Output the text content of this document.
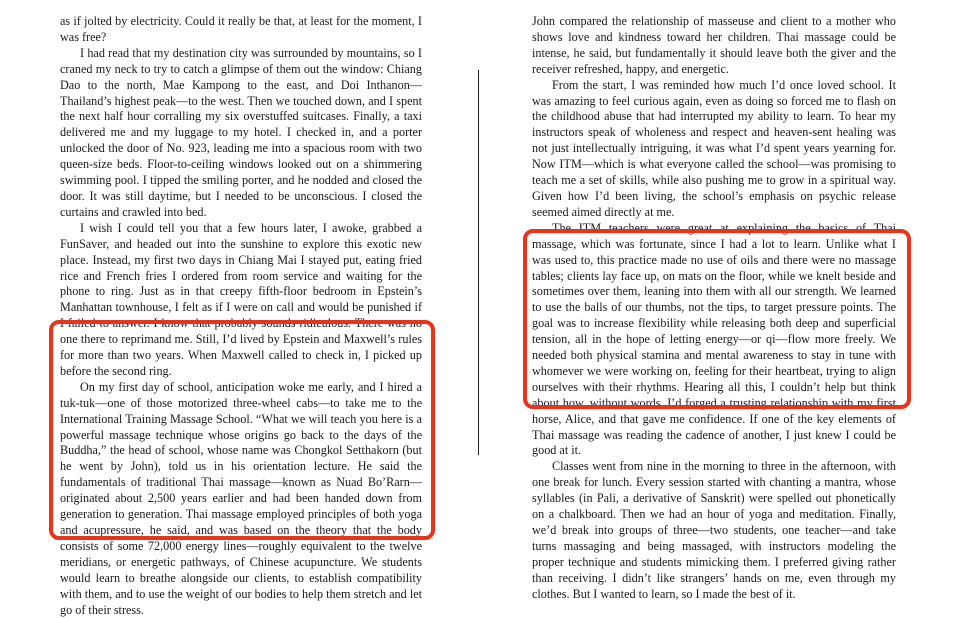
as if jolted by electricity. Could it really be that, at least for the moment, I was free?

I had read that my destination city was surrounded by mountains, so I craned my neck to try to catch a glimpse of them out the window: Chiang Dao to the north, Mae Kampong to the east, and Doi Inthanon—Thailand’s highest peak—to the west. Then we touched down, and I spent the next half hour corralling my six overstuffed suitcases. Finally, a taxi delivered me and my luggage to my hotel. I checked in, and a porter unlocked the door of No. 923, leading me into a spacious room with two queen-size beds. Floor-to-ceiling windows looked out on a shimmering swimming pool. I tipped the smiling porter, and he nodded and closed the door. It was still daytime, but I needed to be unconscious. I closed the curtains and crawled into bed.

I wish I could tell you that a few hours later, I awoke, grabbed a FunSaver, and headed out into the sunshine to explore this exotic new place. Instead, my first two days in Chiang Mai I stayed put, eating fried rice and French fries I ordered from room service and waiting for the phone to ring. Just as in that creepy fifth-floor bedroom in Epstein’s Manhattan townhouse, I felt as if I were on call and would be punished if I failed to answer. I know that probably sounds ridiculous. There was no one there to reprimand me. Still, I’d lived by Epstein and Maxwell’s rules for more than two years. When Maxwell called to check in, I picked up before the second ring.

On my first day of school, anticipation woke me early, and I hired a tuk-tuk—one of those motorized three-wheel cabs—to take me to the International Training Massage School. “What we will teach you here is a powerful massage technique whose origins go back to the days of the Buddha,” the head of school, whose name was Chongkol Setthakorn (but he went by John), told us in his orientation lecture. He said the fundamentals of traditional Thai massage—known as Nuad Bo’Rarn—originated about 2,500 years earlier and had been handed down from generation to generation. Thai massage employed principles of both yoga and acupressure, he said, and was based on the theory that the body consists of some 72,000 energy lines—roughly equivalent to the twelve meridians, or energetic pathways, of Chinese acupuncture. We students would learn to breathe alongside our clients, to establish compatibility with them, and to use the weight of our bodies to help them stretch and let go of their stress.

John compared the relationship of masseuse and client to a mother who shows love and kindness toward her children. Thai massage could be intense, he said, but fundamentally it should leave both the giver and the receiver refreshed, happy, and energetic.

From the start, I was reminded how much I’d once loved school. It was amazing to feel curious again, even as doing so forced me to flash on the childhood abuse that had interrupted my ability to learn. To hear my instructors speak of wholeness and respect and heaven-sent healing was not just intellectually intriguing, it was what I’d spent years yearning for. Now ITM—which is what everyone called the school—was promising to teach me a set of skills, while also pushing me to grow in a spiritual way. Given how I’d been living, the school’s emphasis on psychic release seemed aimed directly at me.

The ITM teachers were great at explaining the basics of Thai massage, which was fortunate, since I had a lot to learn. Unlike what I was used to, this practice made no use of oils and there were no massage tables; clients lay face up, on mats on the floor, while we knelt beside and sometimes over them, leaning into them with all our strength. We learned to use the balls of our thumbs, not the tips, to target pressure points. The goal was to increase flexibility while releasing both deep and superficial tension, all in the hope of letting energy—or qi—flow more freely. We needed both physical stamina and mental awareness to stay in tune with whomever we were working on, feeling for their heartbeat, trying to align ourselves with their rhythms. Hearing all this, I couldn’t help but think about how, without words, I’d forged a trusting relationship with my first horse, Alice, and that gave me confidence. If one of the key elements of Thai massage was reading the cadence of another, I just knew I could be good at it.

Classes went from nine in the morning to three in the afternoon, with one break for lunch. Every session started with chanting a mantra, whose syllables (in Pali, a derivative of Sanskrit) were spelled out phonetically on a chalkboard. Then we had an hour of yoga and meditation. Finally, we’d break into groups of three—two students, one teacher—and take turns massaging and being massaged, with instructors modeling the proper technique and students mimicking them. I preferred giving rather than receiving. I didn’t like strangers’ hands on me, even through my clothes. But I wanted to learn, so I made the best of it.
